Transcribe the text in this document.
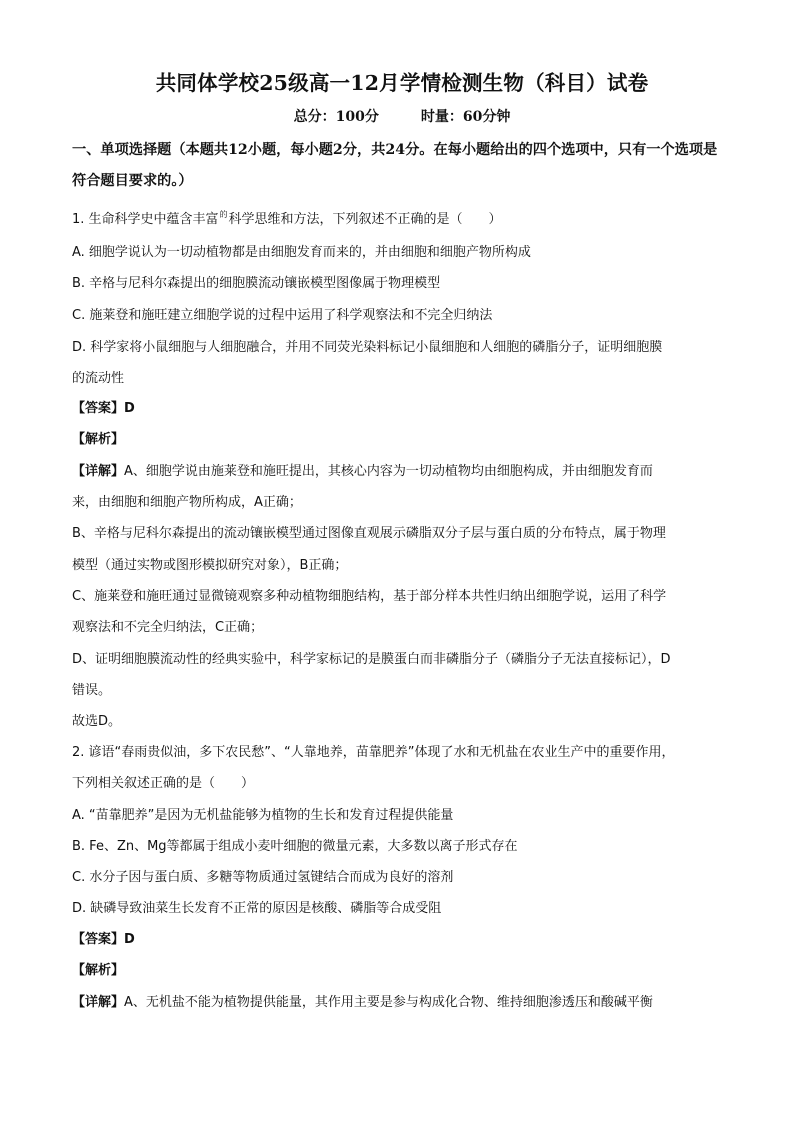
共同体学校25级高一12月学情检测生物（科目）试卷
总分：100分	时量：60分钟
一、单项选择题（本题共12小题，每小题2分，共24分。在每小题给出的四个选项中，只有一个选项是符合题目要求的。）
1. 生命科学史中蕴含丰富$^的$科学思维和方法，下列叙述不正确的是（　　）
A. 细胞学说认为一切动植物都是由细胞发育而来的，并由细胞和细胞产物所构成
B. 辛格与尼科尔森提出的细胞膜流动镶嵌模型图像属于物理模型
C. 施莱登和施旺建立细胞学说的过程中运用了科学观察法和不完全归纳法
D. 科学家将小鼠细胞与人细胞融合，并用不同荧光染料标记小鼠细胞和人细胞的磷脂分子，证明细胞膜
的流动性
【答案】D
【解析】
【详解】A、细胞学说由施莱登和施旺提出，其核心内容为一切动植物均由细胞构成，并由细胞发育而
来，由细胞和细胞产物所构成，A正确；
B、辛格与尼科尔森提出的流动镶嵌模型通过图像直观展示磷脂双分子层与蛋白质的分布特点，属于物理
模型（通过实物或图形模拟研究对象），B正确；
C、施莱登和施旺通过显微镜观察多种动植物细胞结构，基于部分样本共性归纳出细胞学说，运用了科学
观察法和不完全归纳法，C正确；
D、证明细胞膜流动性的经典实验中，科学家标记的是膜蛋白而非磷脂分子（磷脂分子无法直接标记），D
错误。
故选D。
2. 谚语“春雨贵似油，多下农民愁”、“人靠地养，苗靠肥养”体现了水和无机盐在农业生产中的重要作用，
下列相关叙述正确的是（　　）
A. “苗靠肥养”是因为无机盐能够为植物的生长和发育过程提供能量
B. Fe、Zn、Mg等都属于组成小麦叶细胞的微量元素，大多数以离子形式存在
C. 水分子因与蛋白质、多糖等物质通过氢键结合而成为良好的溶剂
D. 缺磷导致油菜生长发育不正常的原因是核酸、磷脂等合成受阻
【答案】D
【解析】
【详解】A、无机盐不能为植物提供能量，其作用主要是参与构成化合物、维持细胞渗透压和酸碱平衡
